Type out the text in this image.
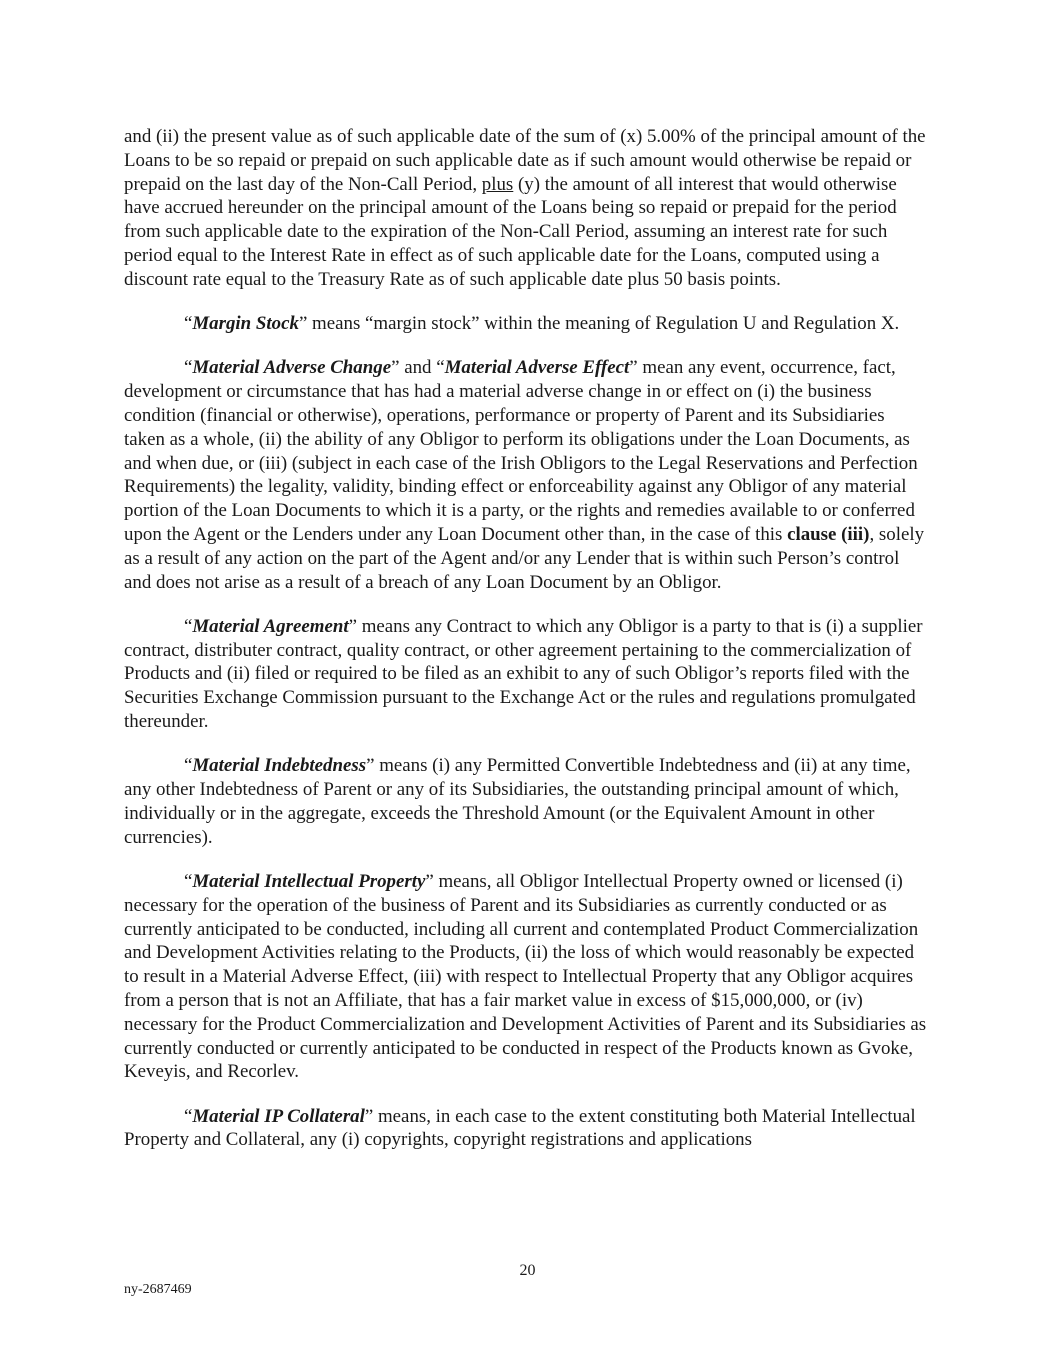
and (ii) the present value as of such applicable date of the sum of (x) 5.00% of the principal amount of the Loans to be so repaid or prepaid on such applicable date as if such amount would otherwise be repaid or prepaid on the last day of the Non-Call Period, plus (y) the amount of all interest that would otherwise have accrued hereunder on the principal amount of the Loans being so repaid or prepaid for the period from such applicable date to the expiration of the Non-Call Period, assuming an interest rate for such period equal to the Interest Rate in effect as of such applicable date for the Loans, computed using a discount rate equal to the Treasury Rate as of such applicable date plus 50 basis points.

“Margin Stock” means “margin stock” within the meaning of Regulation U and Regulation X.

“Material Adverse Change” and “Material Adverse Effect” mean any event, occurrence, fact, development or circumstance that has had a material adverse change in or effect on (i) the business condition (financial or otherwise), operations, performance or property of Parent and its Subsidiaries taken as a whole, (ii) the ability of any Obligor to perform its obligations under the Loan Documents, as and when due, or (iii) (subject in each case of the Irish Obligors to the Legal Reservations and Perfection Requirements) the legality, validity, binding effect or enforceability against any Obligor of any material portion of the Loan Documents to which it is a party, or the rights and remedies available to or conferred upon the Agent or the Lenders under any Loan Document other than, in the case of this clause (iii), solely as a result of any action on the part of the Agent and/or any Lender that is within such Person’s control and does not arise as a result of a breach of any Loan Document by an Obligor.

“Material Agreement” means any Contract to which any Obligor is a party to that is (i) a supplier contract, distributer contract, quality contract, or other agreement pertaining to the commercialization of Products and (ii) filed or required to be filed as an exhibit to any of such Obligor’s reports filed with the Securities Exchange Commission pursuant to the Exchange Act or the rules and regulations promulgated thereunder.

“Material Indebtedness” means (i) any Permitted Convertible Indebtedness and (ii) at any time, any other Indebtedness of Parent or any of its Subsidiaries, the outstanding principal amount of which, individually or in the aggregate, exceeds the Threshold Amount (or the Equivalent Amount in other currencies).

“Material Intellectual Property” means, all Obligor Intellectual Property owned or licensed (i) necessary for the operation of the business of Parent and its Subsidiaries as currently conducted or as currently anticipated to be conducted, including all current and contemplated Product Commercialization and Development Activities relating to the Products, (ii) the loss of which would reasonably be expected to result in a Material Adverse Effect, (iii) with respect to Intellectual Property that any Obligor acquires from a person that is not an Affiliate, that has a fair market value in excess of $15,000,000, or (iv) necessary for the Product Commercialization and Development Activities of Parent and its Subsidiaries as currently conducted or currently anticipated to be conducted in respect of the Products known as Gvoke, Keveyis, and Recorlev.

“Material IP Collateral” means, in each case to the extent constituting both Material Intellectual Property and Collateral, any (i) copyrights, copyright registrations and applications

20
ny-2687469
